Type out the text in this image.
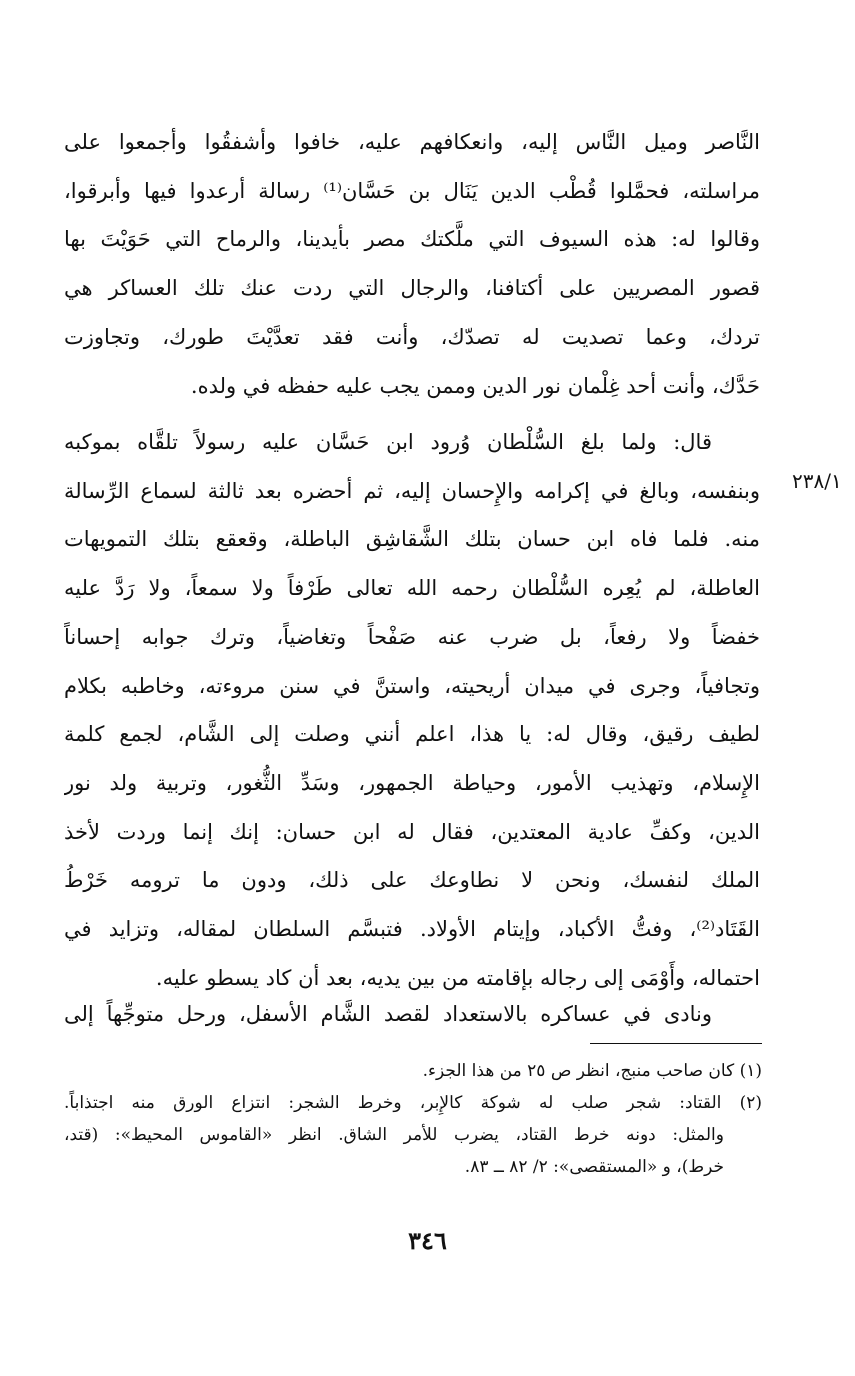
النَّاصر وميل النَّاس إليه، وانعكافهم عليه، خافوا وأشفقُوا وأجمعوا على
مراسلته، فحمَّلوا قُطْب الدين يَنَال بن حَسَّان⁽¹⁾ رسالة أرعدوا فيها وأبرقوا،
وقالوا له: هذه السيوف التي ملَّكتك مصر بأيدينا، والرماح التي حَوَيْتَ بها
قصور المصريين على أكتافنا، والرجال التي ردت عنك تلك العساكر هي
تردك، وعما تصديت له تصدّك، وأنت فقد تعدَّيْتَ طورك، وتجاوزت
حَدَّك، وأنت أحد غِلْمان نور الدين وممن يجب عليه حفظه في ولده.
قال: ولما بلغ السُّلْطان وُرود ابن حَسَّان عليه رسولاً تلقَّاه بموكبه
وبنفسه، وبالغ في إكرامه والإِحسان إليه، ثم أحضره بعد ثالثة لسماع الرِّسالة
منه. فلما فاه ابن حسان بتلك الشَّقاشِق الباطلة، وقعقع بتلك التمويهات
العاطلة، لم يُعِره السُّلْطان رحمه الله تعالى طَرْفاً ولا سمعاً، ولا رَدَّ عليه
خفضاً ولا رفعاً، بل ضرب عنه صَفْحاً وتغاضياً، وترك جوابه إحساناً
وتجافياً، وجرى في ميدان أريحيته، واستنَّ في سنن مروءته، وخاطبه بكلام
لطيف رقيق، وقال له: يا هذا، اعلم أنني وصلت إلى الشَّام، لجمع كلمة
الإِسلام، وتهذيب الأمور، وحياطة الجمهور، وسَدِّ الثُّغور، وتربية ولد نور
الدين، وكفِّ عادية المعتدين، فقال له ابن حسان: إنك إنما وردت لأخذ
الملك لنفسك، ونحن لا نطاوعك على ذلك، ودون ما ترومه خَرْطُ
القَتَاد⁽²⁾، وفتُّ الأكباد، وإيتام الأولاد. فتبسَّم السلطان لمقاله، وتزايد في
احتماله، وأَوْمَى إلى رجاله بإقامته من بين يديه، بعد أن كاد يسطو عليه.
٢٣٨/١
ونادى في عساكره بالاستعداد لقصد الشَّام الأسفل، ورحل متوجِّهاً إلى
(١) كان صاحب منبج، انظر ص ٢٥ من هذا الجزء.
(٢) القتاد: شجر صلب له شوكة كالإِبر، وخرط الشجر: انتزاع الورق منه اجتذاباً.
والمثل: دونه خرط القتاد، يضرب للأمر الشاق. انظر «القاموس المحيط»: (قتد،
خرط)، و «المستقصى»: ٢/ ٨٢ ــ ٨٣.
٣٤٦
